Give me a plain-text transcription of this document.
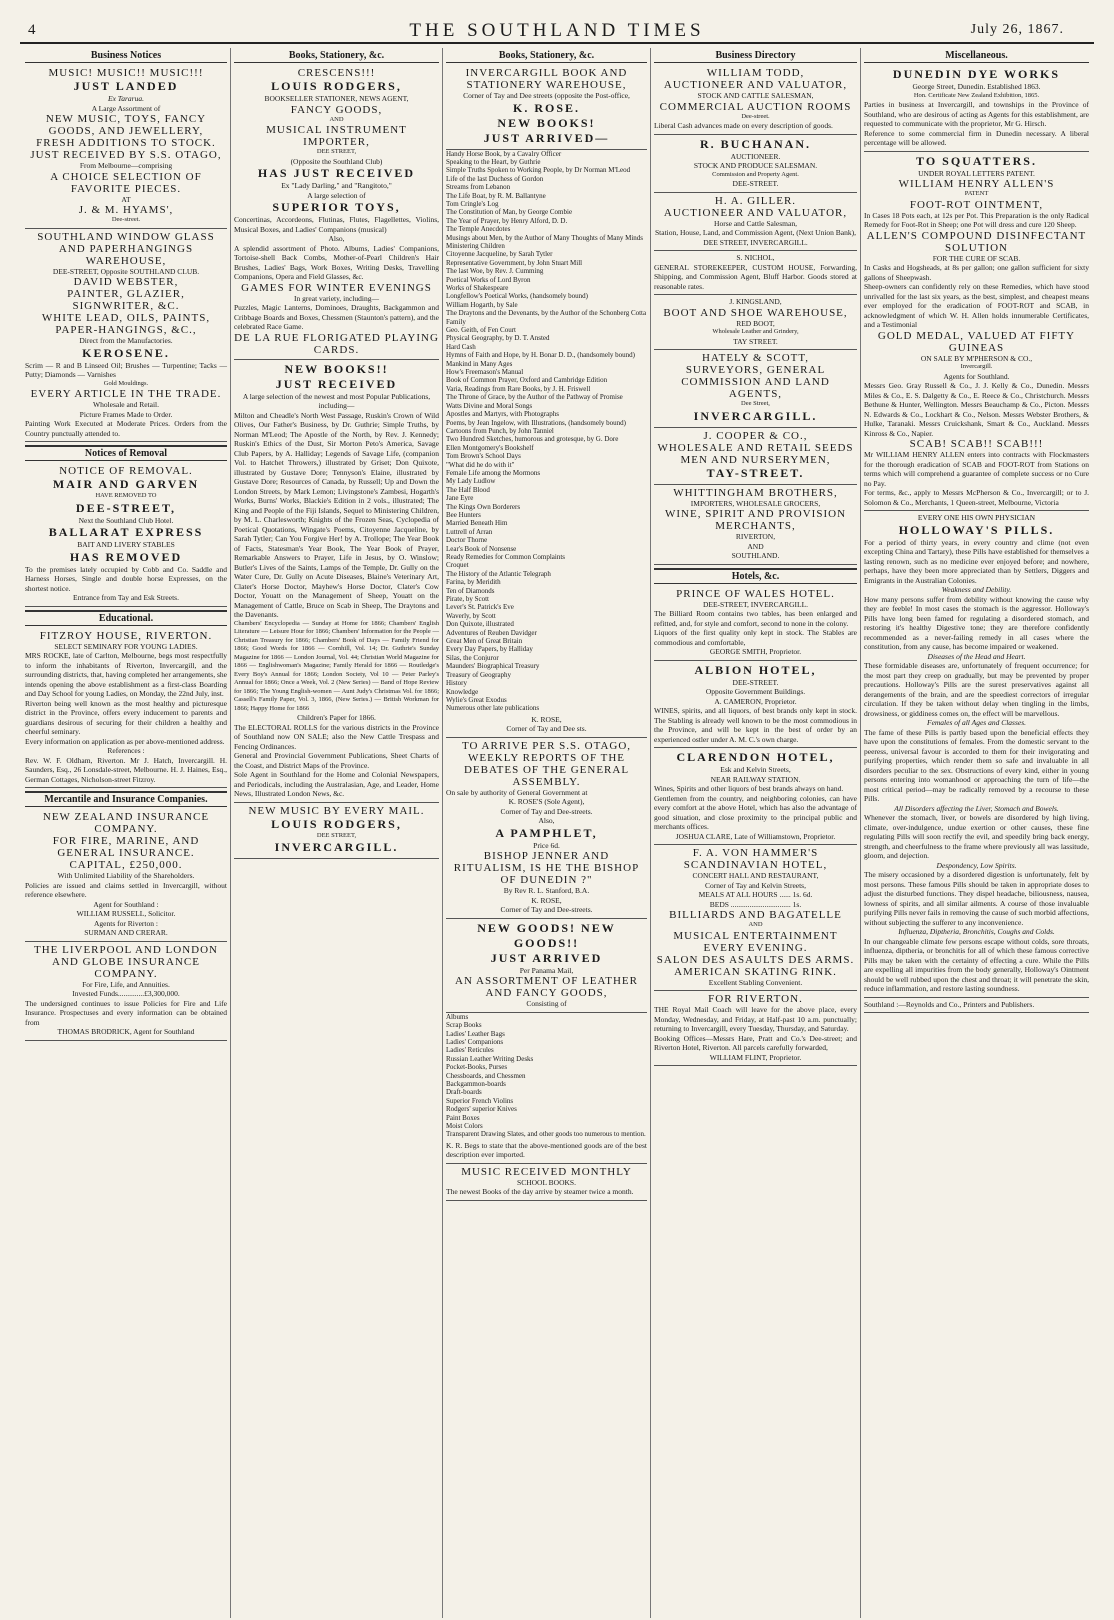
4	THE SOUTHLAND TIMES	July 26, 1867.
Business Notices
MUSIC! MUSIC!! MUSIC!!!
JUST LANDED
Ex Tararua.
A Large Assortment of
NEW MUSIC, TOYS, FANCY GOODS, AND JEWELLERY,
FRESH ADDITIONS TO STOCK.
JUST RECEIVED BY S.S. OTAGO,
From Melbourne—comprising
A CHOICE SELECTION OF FAVORITE PIECES.
AT
J. & M. HYAMS',
Dee-street.
SOUTHLAND WINDOW GLASS AND PAPERHANGINGS WAREHOUSE,
DEE-STREET, Opposite SOUTHLAND CLUB.
DAVID WEBSTER,
PAINTER, GLAZIER, SIGNWRITER, &C.
WHITE LEAD, OILS, PAINTS, PAPER-HANGINGS, &C.,
Direct from the Manufactories.
KEROSENE.
Scrim — R and B Linseed Oil; Brushes — Turpentine; Tacks — Putty; Diamonds — Varnishes
Gold Mouldings.
EVERY ARTICLE IN THE TRADE.
Wholesale and Retail.
Picture Frames Made to Order.
Painting Work Executed at Moderate Prices. Orders from the Country punctually attended to.
Notices of Removal
NOTICE OF REMOVAL.
MAIR AND GARVEN
HAVE REMOVED TO
DEE-STREET,
Next the Southland Club Hotel.
BALLARAT EXPRESS
BAIT AND LIVERY STABLES
HAS REMOVED
To the premises lately occupied by Cobb and Co. Saddle and Harness Horses, Single and double horse Expresses, on the shortest notice.
Entrance from Tay and Esk Streets.
Educational.
FITZROY HOUSE, RIVERTON.
SELECT SEMINARY FOR YOUNG LADIES.
MRS ROCKE, late of Carlton, Melbourne, begs most respectfully to inform the inhabitants of Riverton, Invercargill, and the surrounding districts, that, having completed her arrangements, she intends opening the above establishment as a first-class Boarding and Day School for young Ladies, on Monday, the 22nd July, inst.
Riverton being well known as the most healthy and picturesque district in the Province, offers every inducement to parents and guardians desirous of securing for their children a healthy and cheerful seminary.
Every information on application as per above-mentioned address.
References :
Rev. W. F. Oldham, Riverton. Mr J. Hatch, Invercargill. H. Saunders, Esq., 26 Lonsdale-street, Melbourne. H. J. Haines, Esq., German Cottages, Nicholson-street Fitzroy.
Mercantile and Insurance Companies.
NEW ZEALAND INSURANCE COMPANY.
FOR FIRE, MARINE, AND GENERAL INSURANCE.
CAPITAL, £250,000.
With Unlimited Liability of the Shareholders.
Policies are issued and claims settled in Invercargill, without reference elsewhere.
Agent for Southland :
WILLIAM RUSSELL, Solicitor.
Agents for Riverton :
SURMAN AND CRERAR.
THE LIVERPOOL AND LONDON AND GLOBE INSURANCE COMPANY.
For Fire, Life, and Annuities.
Invested Funds..............£3,300,000.
The undersigned continues to issue Policies for Fire and Life Insurance. Prospectuses and every information can be obtained from
THOMAS BRODRICK, Agent for Southland
Books, Stationery, &c.
CRESCENS!!!
LOUIS RODGERS,
BOOKSELLER STATIONER, NEWS AGENT,
FANCY GOODS,
AND
MUSICAL INSTRUMENT IMPORTER,
DEE STREET,
(Opposite the Southland Club)
HAS JUST RECEIVED
Ex "Lady Darling," and "Rangitoto,"
A large selection of
SUPERIOR TOYS,
Concertinas, Accordeons, Flutinas, Flutes, Flagellettes, Violins, Musical Boxes, and Ladies' Companions (musical)
Also,
A splendid assortment of Photo. Albums, Ladies' Companions, Tortoise-shell Back Combs, Mother-of-Pearl Children's Hair Brushes, Ladies' Bags, Work Boxes, Writing Desks, Travelling Companions, Opera and Field Glasses, &c.
GAMES FOR WINTER EVENINGS
In great variety, including—
Puzzles, Magic Lanterns, Dominoes, Draughts, Backgammon and Cribbage Boards and Boxes, Chessmen (Staunton's pattern), and the celebrated Race Game.
DE LA RUE FLORIGATED PLAYING CARDS.
NEW BOOKS!!
JUST RECEIVED
A large selection of the newest and most Popular Publications, including—
Milton and Cheadle's North West Passage, Ruskin's Crown of Wild Olives, Our Father's Business, by Dr. Guthrie; Simple Truths, by Norman M'Leod; The Apostle of the North, by Rev. J. Kennedy; Ruskin's Ethics of the Dust, Sir Morton Peto's America, Savage Club Papers, by A. Halliday; Legends of Savage Life, (companion Vol. to Hatchet Throwers,) illustrated by Griset; Don Quixote, illustrated by Gustave Dore; Tennyson's Elaine, illustrated by Gustave Dore; Resources of Canada, by Russell; Up and Down the London Streets, by Mark Lemon; Livingstone's Zambesi, Hogarth's Works, Burns' Works, Blackie's Edition in 2 vols., illustrated; The King and People of the Fiji Islands, Sequel to Ministering Children, by M. L. Charlesworth; Knights of the Frozen Seas, Cyclopedia of Poetical Quotations, Wingate's Poems, Citoyenne Jacqueline, by Sarah Tytler; Can You Forgive Her! by A. Trollope; The Year Book of Facts, Statesman's Year Book, The Year Book of Prayer, Remarkable Answers to Prayer, Life in Jesus, by O. Winslow; Butler's Lives of the Saints, Lamps of the Temple, Dr. Gully on the Water Cure, Dr. Gully on Acute Diseases, Blaine's Veterinary Art, Clater's Horse Doctor, Mayhew's Horse Doctor, Clater's Cow Doctor, Youatt on the Management of Sheep, Youatt on the Management of Cattle, Bruce on Scab in Sheep, The Draytons and the Davenants.
Chambers' Encyclopedia — Sunday at Home for 1866; Chambers' English Literature — Leisure Hour for 1866; Chambers' Information for the People — Christian Treasury for 1866; Chambers' Book of Days — Family Friend for 1866; Good Words for 1866 — Cornhill, Vol. 14; Dr. Guthrie's Sunday Magazine for 1866 — London Journal, Vol. 44; Christian World Magazine for 1866 — Englishwoman's Magazine; Family Herald for 1866 — Routledge's Every Boy's Annual for 1866; London Society, Vol 10 — Peter Parley's Annual for 1866; Once a Week, Vol. 2 (New Series) — Band of Hope Review for 1866; The Young English-women — Aunt Judy's Christmas Vol. for 1866; Cassell's Family Paper, Vol. 3, 1866, (New Series.) — British Workman for 1866; Happy Home for 1866
Children's Paper for 1866.
The ELECTORAL ROLLS for the various districts in the Province of Southland now ON SALE; also the New Cattle Trespass and Fencing Ordinances.
General and Provincial Government Publications, Sheet Charts of the Coast, and District Maps of the Province.
Sole Agent in Southland for the Home and Colonial Newspapers, and Periodicals, including the Australasian, Age, and Leader, Home News, Illustrated London News, &c.
NEW MUSIC BY EVERY MAIL.
LOUIS RODGERS,
DEE STREET,
INVERCARGILL.
Books, Stationery, &c.
INVERCARGILL BOOK AND STATIONERY WAREHOUSE,
Corner of Tay and Dee streets (opposite the Post-office,
K. ROSE.
NEW BOOKS!
JUST ARRIVED—
Handy Horse Book, by a Cavalry Officer
Speaking to the Heart, by Guthrie
Simple Truths Spoken to Working People, by Dr Norman M'Leod
Life of the last Duchess of Gordon
Streams from Lebanon
The Life Boat, by R. M. Ballantyne
Tom Cringle's Log
The Constitution of Man, by George Combie
The Year of Prayer, by Henry Alford, D. D.
The Temple Anecdotes
Musings about Men, by the Author of Many Thoughts of Many Minds
Ministering Children
Citoyenne Jacqueline, by Sarah Tytler
Representative Government, by John Stuart Mill
The last Woe, by Rev. J. Cumming
Poetical Works of Lord Byron
Works of Shakespeare
Longfellow's Poetical Works, (handsomely bound)
William Hogarth, by Sale
The Draytons and the Devenants, by the Author of the Schonberg Cotta Family
Geo. Geith, of Fen Court
Physical Geography, by D. T. Ansted
Hard Cash
Hymns of Faith and Hope, by H. Bonar D. D., (handsomely bound)
Mankind in Many Ages
How's Freemason's Manual
Book of Common Prayer, Oxford and Cambridge Edition
Varia, Readings from Rare Books, by J. H. Friswell
The Throne of Grace, by the Author of the Pathway of Promise
Watts Divine and Moral Songs
Apostles and Martyrs, with Photographs
Poems, by Jean Ingelow, with Illustrations, (handsomely bound)
Cartoons from Punch, by John Tanniel
Two Hundred Sketches, humorous and grotesque, by G. Dore
Ellen Montgomery's Bookshelf
Tom Brown's School Days
"What did he do with it"
Female Life among the Mormons
My Lady Ludlow
The Half Blood
Jane Eyre
The Kings Own Borderers
Bee Hunters
Married Beneath Him
Luttrell of Arran
Doctor Thorne
Lear's Book of Nonsense
Ready Remedies for Common Complaints
Croquet
The History of the Atlantic Telegraph
Farina, by Meridith
Ten of Diamonds
Pirate, by Scott
Lever's St. Patrick's Eve
Waverly, by Scott
Don Quixote, illustrated
Adventures of Reuben Davidger
Great Men of Great Britain
Every Day Papers, by Halliday
Silas, the Conjuror
Maunders' Biographical Treasury
Treasury of Geography
History
Knowledge
Wylie's Great Exodus
Numerous other late publications
K. ROSE,
Corner of Tay and Dee sts.
TO ARRIVE PER S.S. OTAGO,
WEEKLY REPORTS OF THE DEBATES OF THE GENERAL ASSEMBLY.
On sale by authority of General Government at
K. ROSE'S (Sole Agent),
Corner of Tay and Dee-streets.
Also,
A PAMPHLET,
Price 6d.
BISHOP JENNER AND RITUALISM, IS HE THE BISHOP OF DUNEDIN ?"
By Rev R. L. Stanford, B.A.
K. ROSE,
Corner of Tay and Dee-streets.
NEW GOODS! NEW GOODS!!
JUST ARRIVED
Per Panama Mail,
AN ASSORTMENT OF LEATHER AND FANCY GOODS,
Consisting of
Albums
Scrap Books
Ladies' Leather Bags
Ladies' Companions
Ladies' Reticules
Russian Leather Writing Desks
Pocket-Books, Purses
Chessboards, and Chessmen
Backgammon-boards
Draft-boards
Superior French Violins
Rodgers' superior Knives
Paint Boxes
Moist Colors
Transparent Drawing Slates, and other goods too numerous to mention.
K. R. Begs to state that the above-mentioned goods are of the best description ever imported.
MUSIC RECEIVED MONTHLY
SCHOOL BOOKS.
The newest Books of the day arrive by steamer twice a month.
Business Directory
WILLIAM TODD,
AUCTIONEER AND VALUATOR,
STOCK AND CATTLE SALESMAN,
COMMERCIAL AUCTION ROOMS
Dee-street.
Liberal Cash advances made on every description of goods.
R. BUCHANAN.
AUCTIONEER.
STOCK AND PRODUCE SALESMAN.
Commission and Property Agent.
DEE-STREET.
H. A. GILLER.
AUCTIONEER AND VALUATOR,
Horse and Cattle Salesman,
Station, House, Land, and Commission Agent, (Next Union Bank),
DEE STREET, INVERCARGILL.
S. NICHOL,
GENERAL STOREKEEPER, CUSTOM HOUSE, Forwarding, Shipping, and Commission Agent, Bluff Harbor. Goods stored at reasonable rates.
J. KINGSLAND,
BOOT AND SHOE WAREHOUSE,
RED BOOT,
Wholesale Leather and Grindery,
TAY STREET.
HATELY & SCOTT,
SURVEYORS, GENERAL COMMISSION AND LAND AGENTS,
Dee Street,
INVERCARGILL.
J. COOPER & CO.,
WHOLESALE AND RETAIL SEEDS MEN AND NURSERYMEN,
TAY-STREET.
WHITTINGHAM BROTHERS,
IMPORTERS, WHOLESALE GROCERS,
WINE, SPIRIT AND PROVISION MERCHANTS,
RIVERTON,
AND
SOUTHLAND.
Hotels, &c.
PRINCE OF WALES HOTEL.
DEE-STREET, INVERCARGILL.
The Billiard Room contains two tables, has been enlarged and refitted, and, for style and comfort, second to none in the colony.
Liquors of the first quality only kept in stock. The Stables are commodious and comfortable,
GEORGE SMITH, Proprietor.
ALBION HOTEL,
DEE-STREET.
Opposite Government Buildings.
A. CAMERON, Proprietor.
WINES, spirits, and all liquors, of best brands only kept in stock. The Stabling is already well known to be the most commodious in the Province, and will be kept in the best of order by an experienced ostler under A. M. C.'s own charge.
CLARENDON HOTEL,
Esk and Kelvin Streets,
NEAR RAILWAY STATION.
Wines, Spirits and other liquors of best brands always on hand.
Gentlemen from the country, and neighboring colonies, can have every comfort at the above Hotel, which has also the advantage of good situation, and close proximity to the principal public and merchants offices.
JOSHUA CLARE, Late of Williamstown, Proprietor.
F. A. VON HAMMER'S
SCANDINAVIAN HOTEL,
CONCERT HALL AND RESTAURANT,
Corner of Tay and Kelvin Streets,
MEALS AT ALL HOURS ...... 1s. 6d.
BEDS ................................ 1s.
BILLIARDS AND BAGATELLE
AND
MUSICAL ENTERTAINMENT EVERY EVENING.
SALON DES ASAULTS DES ARMS.
AMERICAN SKATING RINK.
Excellent Stabling Convenient.
FOR RIVERTON.
THE Royal Mail Coach will leave for the above place, every Monday, Wednesday, and Friday, at Half-past 10 a.m. punctually; returning to Invercargill, every Tuesday, Thursday, and Saturday.
Booking Offices—Messrs Hare, Pratt and Co.'s Dee-street; and Riverton Hotel, Riverton. All parcels carefully forwarded,
WILLIAM FLINT, Proprietor.
Miscellaneous.
DUNEDIN DYE WORKS
George Street, Dunedin. Established 1863.
Hon. Certificate New Zealand Exhibition, 1865.
Parties in business at Invercargill, and townships in the Province of Southland, who are desirous of acting as Agents for this establishment, are requested to communicate with the proprietor, Mr G. Hirsch.
Reference to some commercial firm in Dunedin necessary. A liberal percentage will be allowed.
TO SQUATTERS.
UNDER ROYAL LETTERS PATENT.
WILLIAM HENRY ALLEN'S
PATENT
FOOT-ROT OINTMENT,
In Cases 18 Pots each, at 12s per Pot. This Preparation is the only Radical Remedy for Foot-Rot in Sheep; one Pot will dress and cure 120 Sheep.
ALLEN'S COMPOUND DISINFECTANT SOLUTION
FOR THE CURE OF SCAB.
In Casks and Hogsheads, at 8s per gallon; one gallon sufficient for sixty gallons of Sheepwash.
Sheep-owners can confidently rely on these Remedies, which have stood unrivalled for the last six years, as the best, simplest, and cheapest means ever employed for the eradication of FOOT-ROT and SCAB, in acknowledgment of which W. H. Allen holds innumerable Certificates, and a Testimonial
GOLD MEDAL, VALUED AT FIFTY GUINEAS
ON SALE BY M'PHERSON & CO.,
Invercargill.
Agents for Southland.
Messrs Geo. Gray Russell & Co., J. J. Kelly & Co., Dunedin. Messrs Miles & Co., E. S. Dalgetty & Co., E. Reece & Co., Christchurch. Messrs Bethune & Hunter, Wellington. Messrs Beauchamp & Co., Picton. Messrs N. Edwards & Co., Lockhart & Co., Nelson. Messrs Webster Brothers, & Hulke, Taranaki. Messrs Cruickshank, Smart & Co., Auckland. Messrs Kinross & Co., Napier.
SCAB! SCAB!! SCAB!!!
Mr WILLIAM HENRY ALLEN enters into contracts with Flockmasters for the thorough eradication of SCAB and FOOT-ROT from Stations on terms which will comprehend a guarantee of complete success or no Cure no Pay.
For terms, &c., apply to Messrs McPherson & Co., Invercargill; or to J. Solomon & Co., Merchants, 1 Queen-street, Melbourne, Victoria
EVERY ONE HIS OWN PHYSICIAN
HOLLOWAY'S PILLS.
For a period of thirty years, in every country and clime (not even excepting China and Tartary), these Pills have established for themselves a lasting renown, such as no medicine ever enjoyed before; and nowhere, perhaps, have they been more appreciated than by Settlers, Diggers and Emigrants in the Australian Colonies.
Weakness and Debility.
How many persons suffer from debility without knowing the cause why they are feeble! In most cases the stomach is the aggressor. Holloway's Pills have long been famed for regulating a disordered stomach, and restoring it's healthy Digestive tone; they are therefore confidently recommended as a never-failing remedy in all cases where the constitution, from any cause, has become impaired or weakened.
Diseases of the Head and Heart.
These formidable diseases are, unfortunately of frequent occurrence; for the most part they creep on gradually, but may be prevented by proper precautions. Holloway's Pills are the surest preservatives against all derangements of the brain, and are the speediest correctors of irregular circulation. If they be taken without delay when tingling in the limbs, drowsiness, or giddiness comes on, the effect will be marvellous.
Females of all Ages and Classes.
The fame of these Pills is partly based upon the beneficial effects they have upon the constitutions of females. From the domestic servant to the peeress, universal favour is accorded to them for their invigorating and purifying properties, which render them so safe and invaluable in all disorders peculiar to the sex. Obstructions of every kind, either in young persons entering into womanhood or approaching the turn of life—the most critical period—may be radically removed by a recourse to these Pills.
All Disorders affecting the Liver, Stomach and Bowels.
Whenever the stomach, liver, or bowels are disordered by high living, climate, over-indulgence, undue exertion or other causes, these fine regulating Pills will soon rectify the evil, and speedily bring back energy, strength, and cheerfulness to the frame where previously all was lassitude, gloom, and dejection.
Despondency, Low Spirits.
The misery occasioned by a disordered digestion is unfortunately, felt by most persons. These famous Pills should be taken in appropriate doses to adjust the disturbed functions. They dispel headache, biliousness, nausea, lowness of spirits, and all similar ailments. A course of those invaluable purifying Pills never fails in removing the cause of such morbid affections, without subjecting the sufferer to any inconvenience.
Influenza, Diptheria, Bronchitis, Coughs and Colds.
In our changeable climate few persons escape without colds, sore throats, influenza, diptheria, or bronchitis for all of which these famous corrective Pills may be taken with the certainty of effecting a cure. While the Pills are expelling all impurities from the body generally, Holloway's Ointment should be well rubbed upon the chest and throat; it will penetrate the skin, reduce inflammation, and restore lasting soundness.
Southland :—Reynolds and Co., Printers and Publishers.
